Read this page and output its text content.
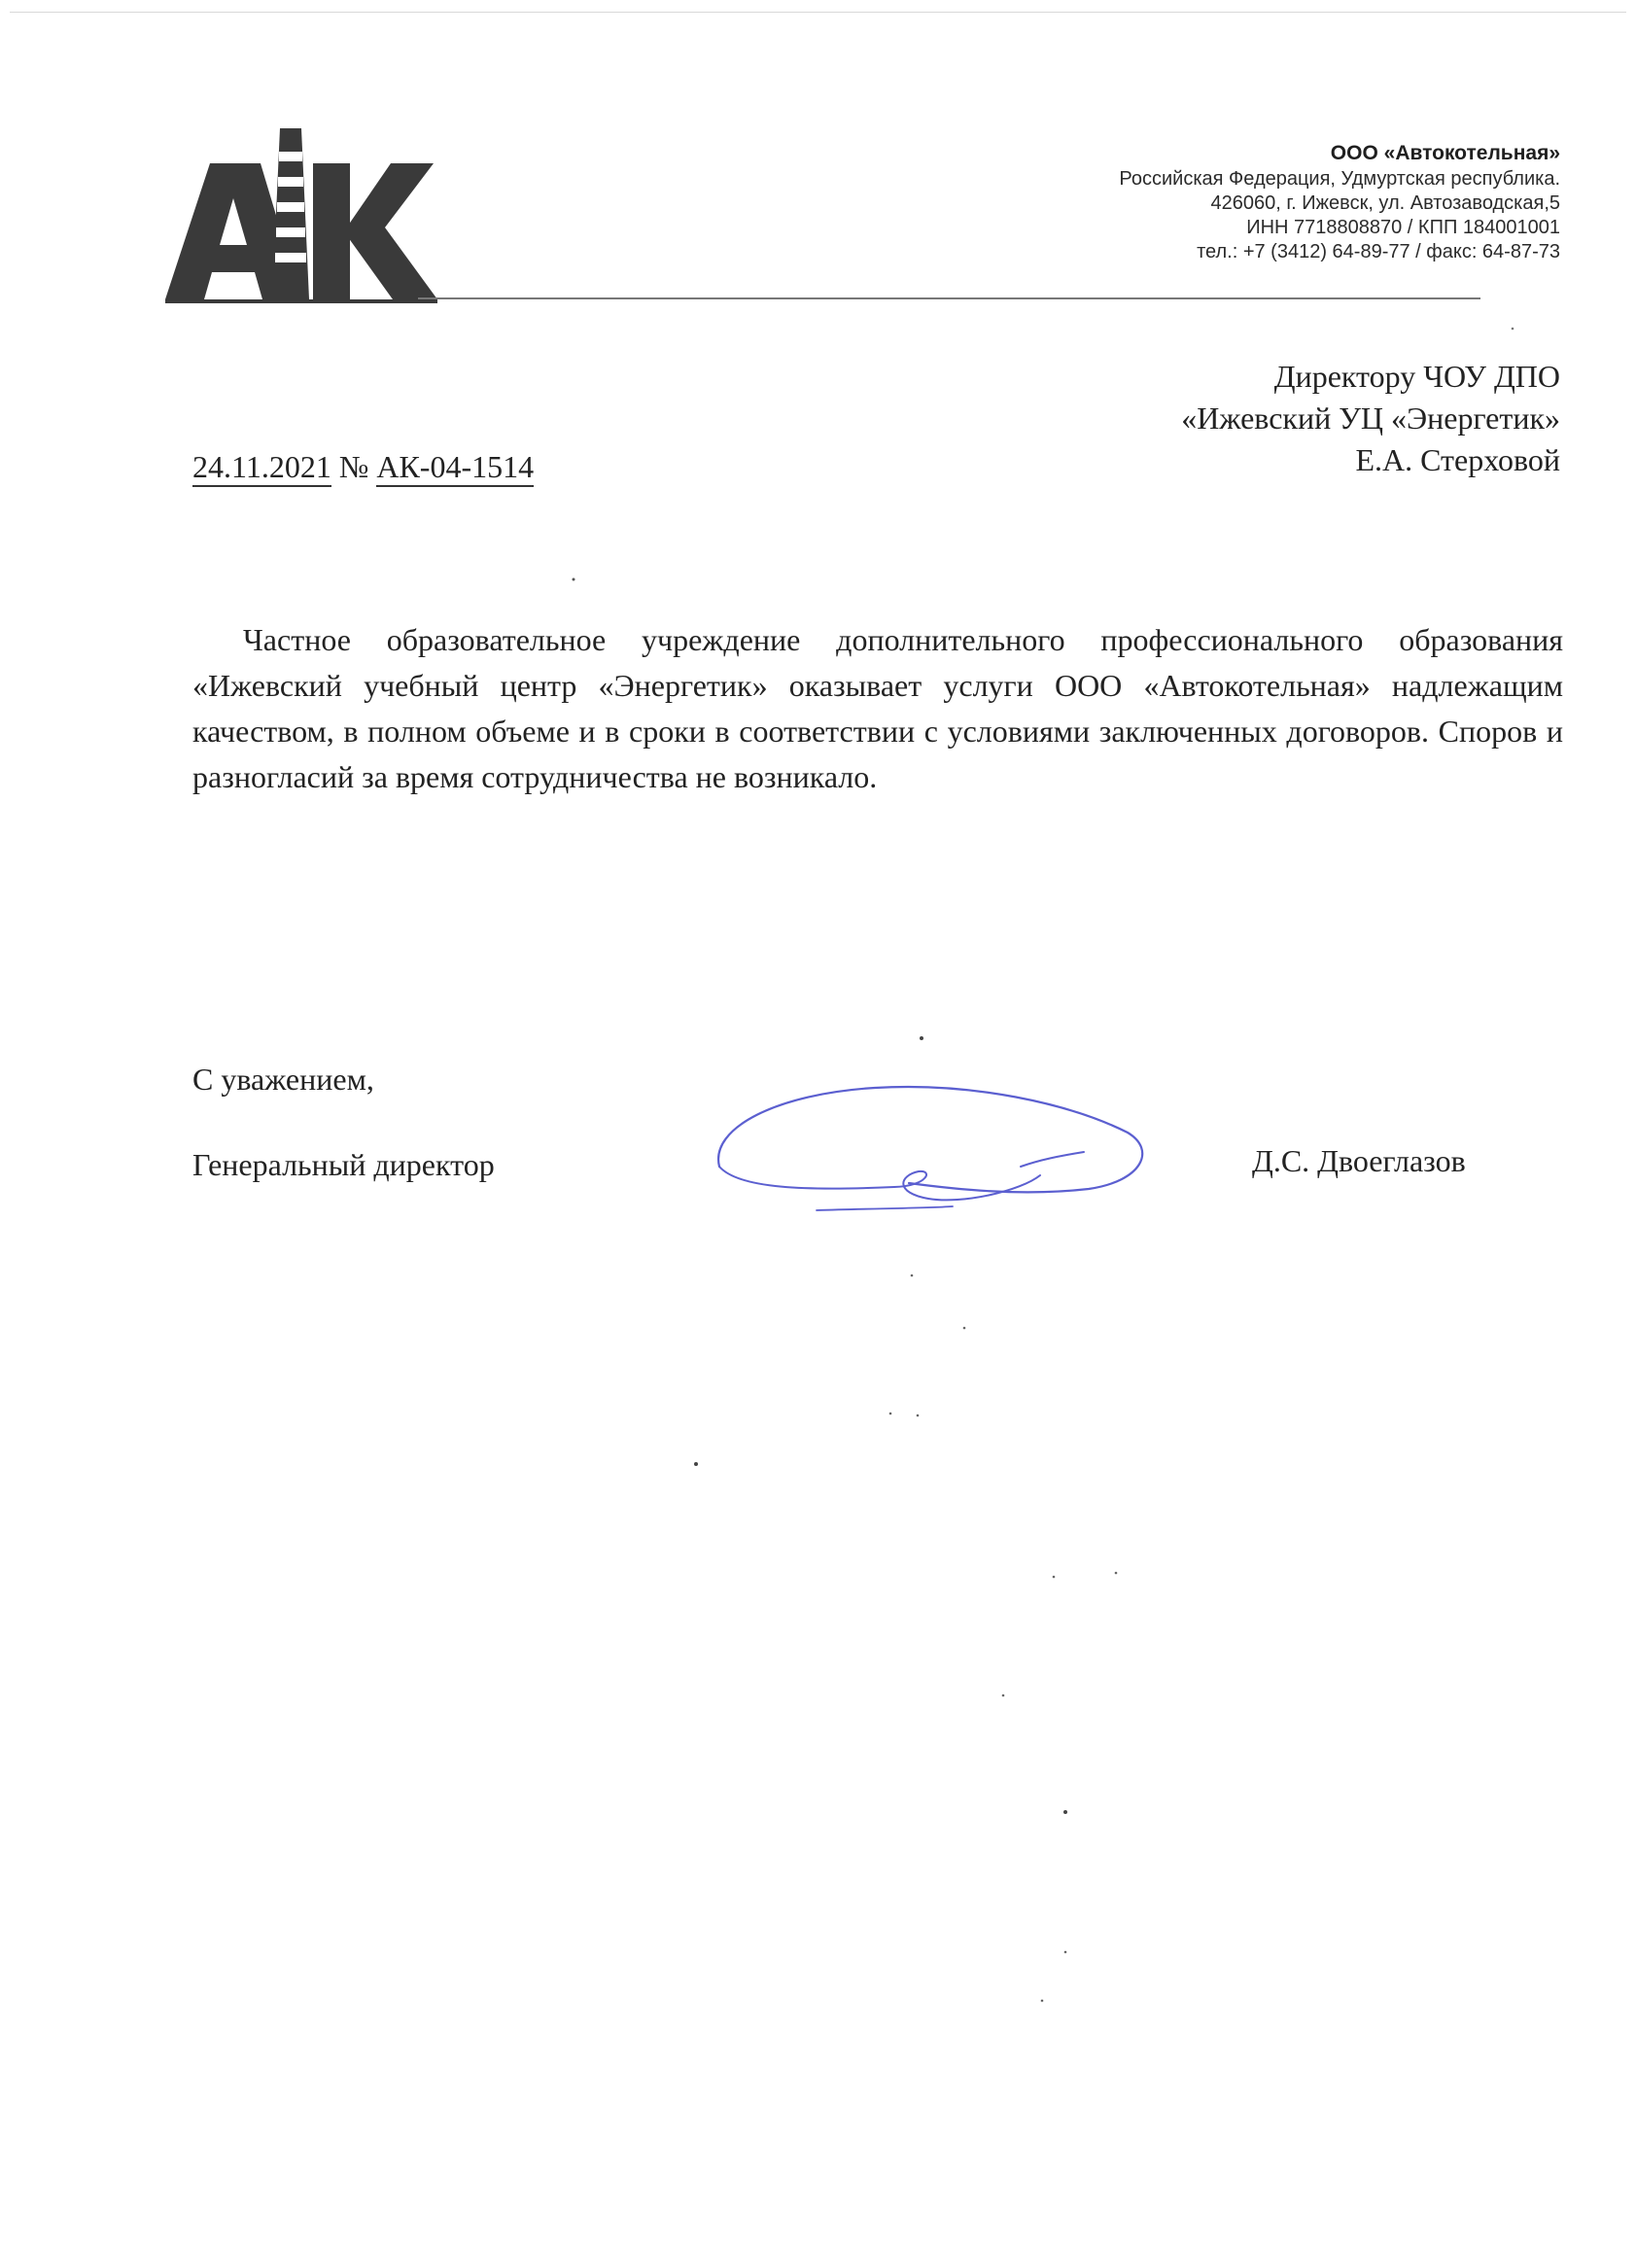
ООО «Автокотельная»
Российская Федерация, Удмуртская республика.
426060, г. Ижевск, ул. Автозаводская,5
ИНН 7718808870 / КПП 184001001
тел.: +7 (3412) 64-89-77 / факс: 64-87-73
Директору ЧОУ ДПО
«Ижевский УЦ «Энергетик»
Е.А. Стерховой
24.11.2021 № АК-04-1514
Частное образовательное учреждение дополнительного профессионального образования «Ижевский учебный центр «Энергетик» оказывает услуги ООО «Автокотельная» надлежащим качеством, в полном объеме и в сроки в соответствии с условиями заключенных договоров. Споров и разногласий за время сотрудничества не возникало.
С уважением,
Генеральный директор	Д.С. Двоеглазов
